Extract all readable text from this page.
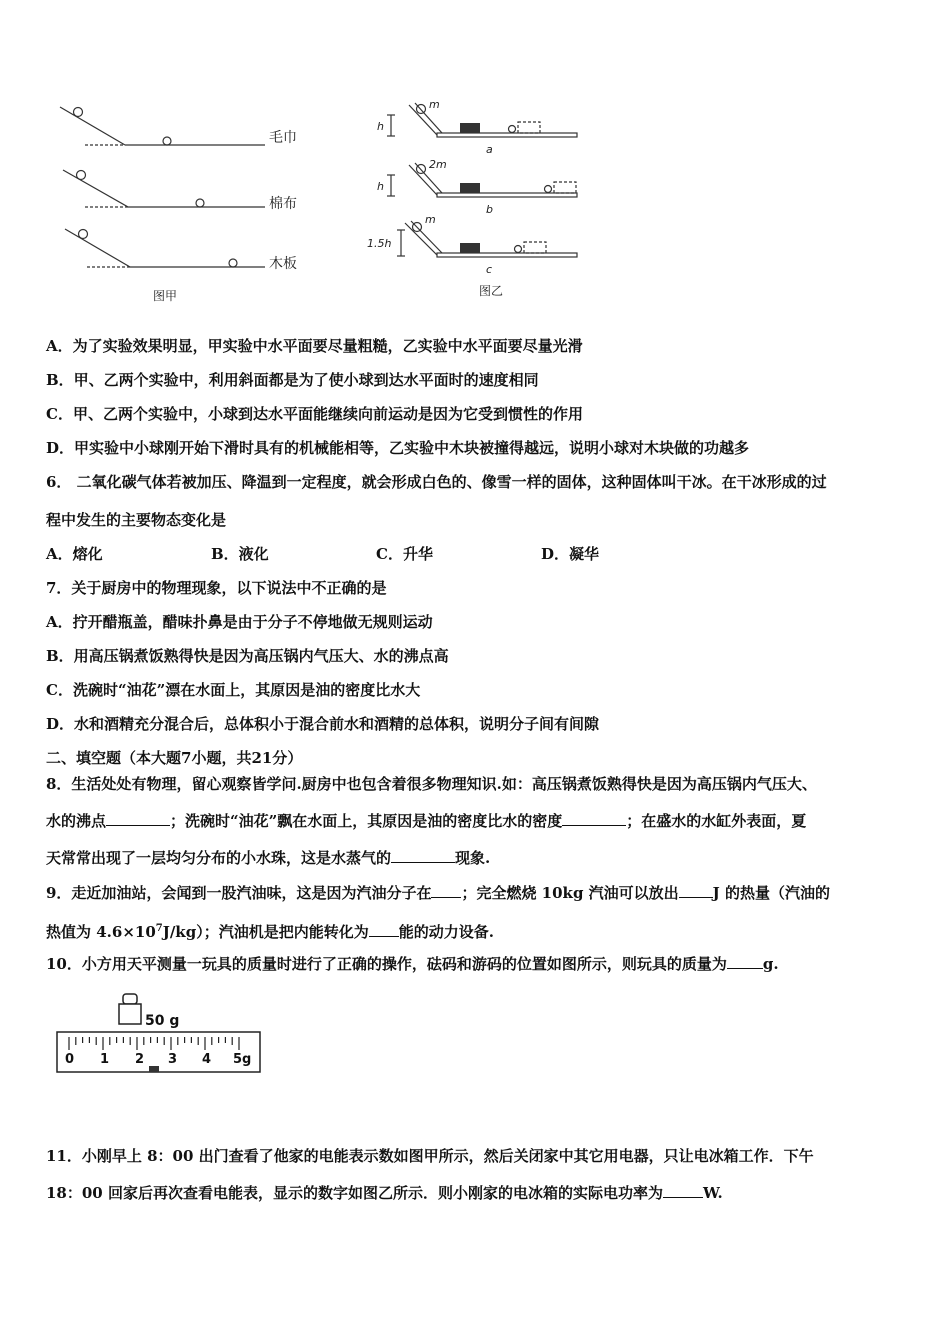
毛巾
棉布
木板
图甲
m
h
a
2m
h
b
m
1.5h
c
图乙
A．为了实验效果明显，甲实验中水平面要尽量粗糙，乙实验中水平面要尽量光滑
B．甲、乙两个实验中，利用斜面都是为了使小球到达水平面时的速度相同
C．甲、乙两个实验中，小球到达水平面能继续向前运动是因为它受到惯性的作用
D．甲实验中小球刚开始下滑时具有的机械能相等，乙实验中木块被撞得越远，说明小球对木块做的功越多
6． 二氧化碳气体若被加压、降温到一定程度，就会形成白色的、像雪一样的固体，这种固体叫干冰。在干冰形成的过
程中发生的主要物态变化是
A．熔化	B．液化	C．升华	D．凝华
7．关于厨房中的物理现象，以下说法中不正确的是
A．拧开醋瓶盖，醋味扑鼻是由于分子不停地做无规则运动
B．用高压锅煮饭熟得快是因为高压锅内气压大、水的沸点高
C．洗碗时“油花”漂在水面上，其原因是油的密度比水大
D．水和酒精充分混合后，总体积小于混合前水和酒精的总体积，说明分子间有间隙
二、填空题（本大题7小题，共21分）
8．生活处处有物理，留心观察皆学问.厨房中也包含着很多物理知识.如：高压锅煮饭熟得快是因为高压锅内气压大、
水的沸点	；洗碗时“油花”飘在水面上，其原因是油的密度比水的密度	；在盛水的水缸外表面，夏
天常常出现了一层均匀分布的小水珠，这是水蒸气的	现象.
9．走近加油站，会闻到一股汽油味，这是因为汽油分子在 ；完全燃烧 10kg 汽油可以放出 J 的热量（汽油的
热值为 $4.6\times 10^7J/kg$）；汽油机是把内能转化为 能的动力设备.
10．小方用天平测量一玩具的质量时进行了正确的操作，砝码和游码的位置如图所示，则玩具的质量为 g.
50 g
0 1 2 3 4 5g
11．小刚早上 8：00 出门查看了他家的电能表示数如图甲所示，然后关闭家中其它用电器，只让电冰箱工作．下午
18：00 回家后再次查看电能表，显示的数字如图乙所示．则小刚家的电冰箱的实际电功率为	W.
